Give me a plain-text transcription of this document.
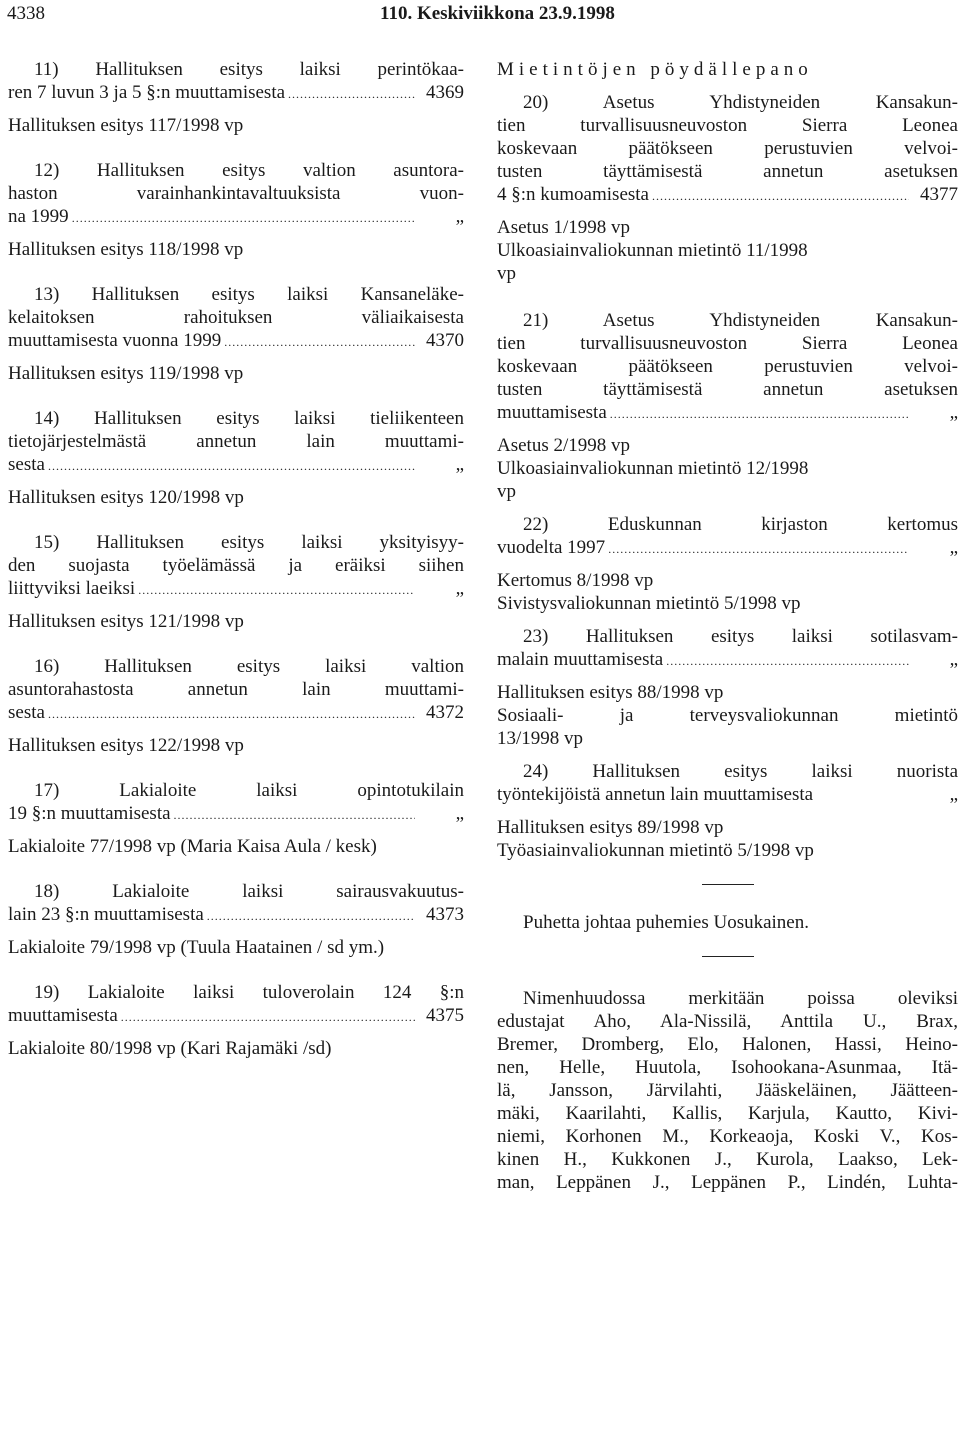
4338	110. Keskiviikkona 23.9.1998
11) Hallituksen esitys laiksi perintökaa-
ren 7 luvun 3 ja 5 §:n muuttamisesta .....	4369
Hallituksen esitys 117/1998 vp
12) Hallituksen esitys valtion asuntora-
haston varainhankintavaltuuksista vuon-
na 1999 .....	„
Hallituksen esitys 118/1998 vp
13) Hallituksen esitys laiksi Kansaneläke-
kelaitoksen rahoituksen väliaikaisesta
muuttamisesta vuonna 1999 .....	4370
Hallituksen esitys 119/1998 vp
14) Hallituksen esitys laiksi tieliikenteen
tietojärjestelmästä annetun lain muuttami-
sesta .....	„
Hallituksen esitys 120/1998 vp
15) Hallituksen esitys laiksi yksityisyy-
den suojasta työelämässä ja eräiksi siihen
liittyviksi laeiksi .....	„
Hallituksen esitys 121/1998 vp
16) Hallituksen esitys laiksi valtion
asuntorahastosta annetun lain muuttami-
sesta .....	4372
Hallituksen esitys 122/1998 vp
17) Lakialoite laiksi opintotukilain
19 §:n muuttamisesta .....	„
Lakialoite 77/1998 vp (Maria Kaisa Aula / kesk)
18) Lakialoite laiksi sairausvakuutus-
lain 23 §:n muuttamisesta .....	4373
Lakialoite 79/1998 vp (Tuula Haatainen / sd ym.)
19) Lakialoite laiksi tuloverolain 124 §:n
muuttamisesta .....	4375
Lakialoite 80/1998 vp (Kari Rajamäki /sd)
Mietintöjen pöydällepano
20) Asetus Yhdistyneiden Kansakun-
tien turvallisuusneuvoston Sierra Leonea
koskevaan päätökseen perustuvien velvoi-
tusten täyttämisestä annetun asetuksen
4 §:n kumoamisesta .....	4377
Asetus 1/1998 vp
Ulkoasiainvaliokunnan mietintö 11/1998
vp
21) Asetus Yhdistyneiden Kansakun-
tien turvallisuusneuvoston Sierra Leonea
koskevaan päätökseen perustuvien velvoi-
tusten täyttämisestä annetun asetuksen
muuttamisesta .....	„
Asetus 2/1998 vp
Ulkoasiainvaliokunnan mietintö 12/1998
vp
22) Eduskunnan kirjaston kertomus
vuodelta 1997 .....	„
Kertomus 8/1998 vp
Sivistysvaliokunnan mietintö 5/1998 vp
23) Hallituksen esitys laiksi sotilasvam-
malain muuttamisesta .....	„
Hallituksen esitys 88/1998 vp
Sosiaali- ja terveysvaliokunnan mietintö
13/1998 vp
24) Hallituksen esitys laiksi nuorista
työntekijöistä annetun lain muuttamisesta	„
Hallituksen esitys 89/1998 vp
Työasiainvaliokunnan mietintö 5/1998 vp
Puhetta johtaa puhemies Uosukainen.
Nimenhuudossa merkitään poissa oleviksi
edustajat Aho, Ala-Nissilä, Anttila U., Brax,
Bremer, Dromberg, Elo, Halonen, Hassi, Heino-
nen, Helle, Huutola, Isohookana-Asunmaa, Itä-
lä, Jansson, Järvilahti, Jääskeläinen, Jäätteen-
mäki, Kaarilahti, Kallis, Karjula, Kautto, Kivi-
niemi, Korhonen M., Korkeaoja, Koski V., Kos-
kinen H., Kukkonen J., Kurola, Laakso, Lek-
man, Leppänen J., Leppänen P., Lindén, Luhta-
